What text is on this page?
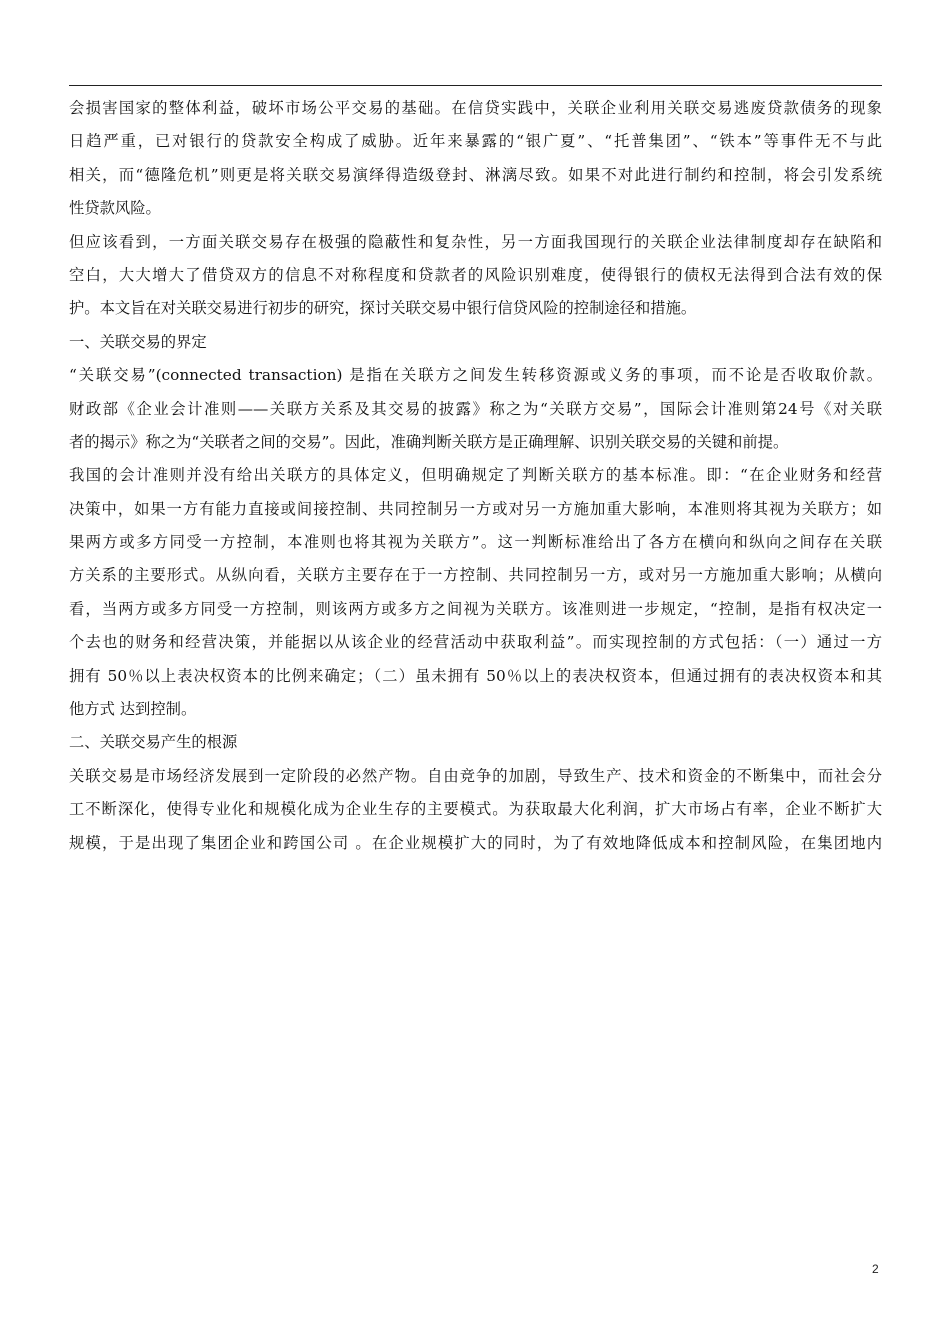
会损害国家的整体利益，破坏市场公平交易的基础。在信贷实践中，关联企业利用关联交易逃废贷款债务的现象
日趋严重，已对银行的贷款安全构成了威胁。近年来暴露的“银广夏”、“托普集团”、“铁本”等事件无不与此
相关，而“德隆危机”则更是将关联交易演绎得造级登封、淋漓尽致。如果不对此进行制约和控制，将会引发系统
性贷款风险。
但应该看到，一方面关联交易存在极强的隐蔽性和复杂性，另一方面我国现行的关联企业法律制度却存在缺陷和
空白，大大增大了借贷双方的信息不对称程度和贷款者的风险识别难度，使得银行的债权无法得到合法有效的保
护。本文旨在对关联交易进行初步的研究，探讨关联交易中银行信贷风险的控制途径和措施。
一、关联交易的界定
“关联交易”(connected transaction) 是指在关联方之间发生转移资源或义务的事项，而不论是否收取价款。
财政部《企业会计准则——关联方关系及其交易的披露》称之为“关联方交易”，国际会计准则第24号《对关联
者的揭示》称之为“关联者之间的交易”。因此，准确判断关联方是正确理解、识别关联交易的关键和前提。
我国的会计准则并没有给出关联方的具体定义，但明确规定了判断关联方的基本标准。即：“在企业财务和经营
决策中，如果一方有能力直接或间接控制、共同控制另一方或对另一方施加重大影响，本准则将其视为关联方；如
果两方或多方同受一方控制，本准则也将其视为关联方”。这一判断标准给出了各方在横向和纵向之间存在关联
方关系的主要形式。从纵向看，关联方主要存在于一方控制、共同控制另一方，或对另一方施加重大影响；从横向
看，当两方或多方同受一方控制，则该两方或多方之间视为关联方。该准则进一步规定，“控制，是指有权决定一
个去也的财务和经营决策，并能据以从该企业的经营活动中获取利益”。而实现控制的方式包括：（一）通过一方
拥有 50％以上表决权资本的比例来确定；（二）虽未拥有 50％以上的表决权资本，但通过拥有的表决权资本和其
他方式 达到控制。
二、关联交易产生的根源
关联交易是市场经济发展到一定阶段的必然产物。自由竞争的加剧，导致生产、技术和资金的不断集中，而社会分
工不断深化，使得专业化和规模化成为企业生存的主要模式。为获取最大化利润，扩大市场占有率，企业不断扩大
规模，于是出现了集团企业和跨国公司 。在企业规模扩大的同时，为了有效地降低成本和控制风险，在集团地内
2
